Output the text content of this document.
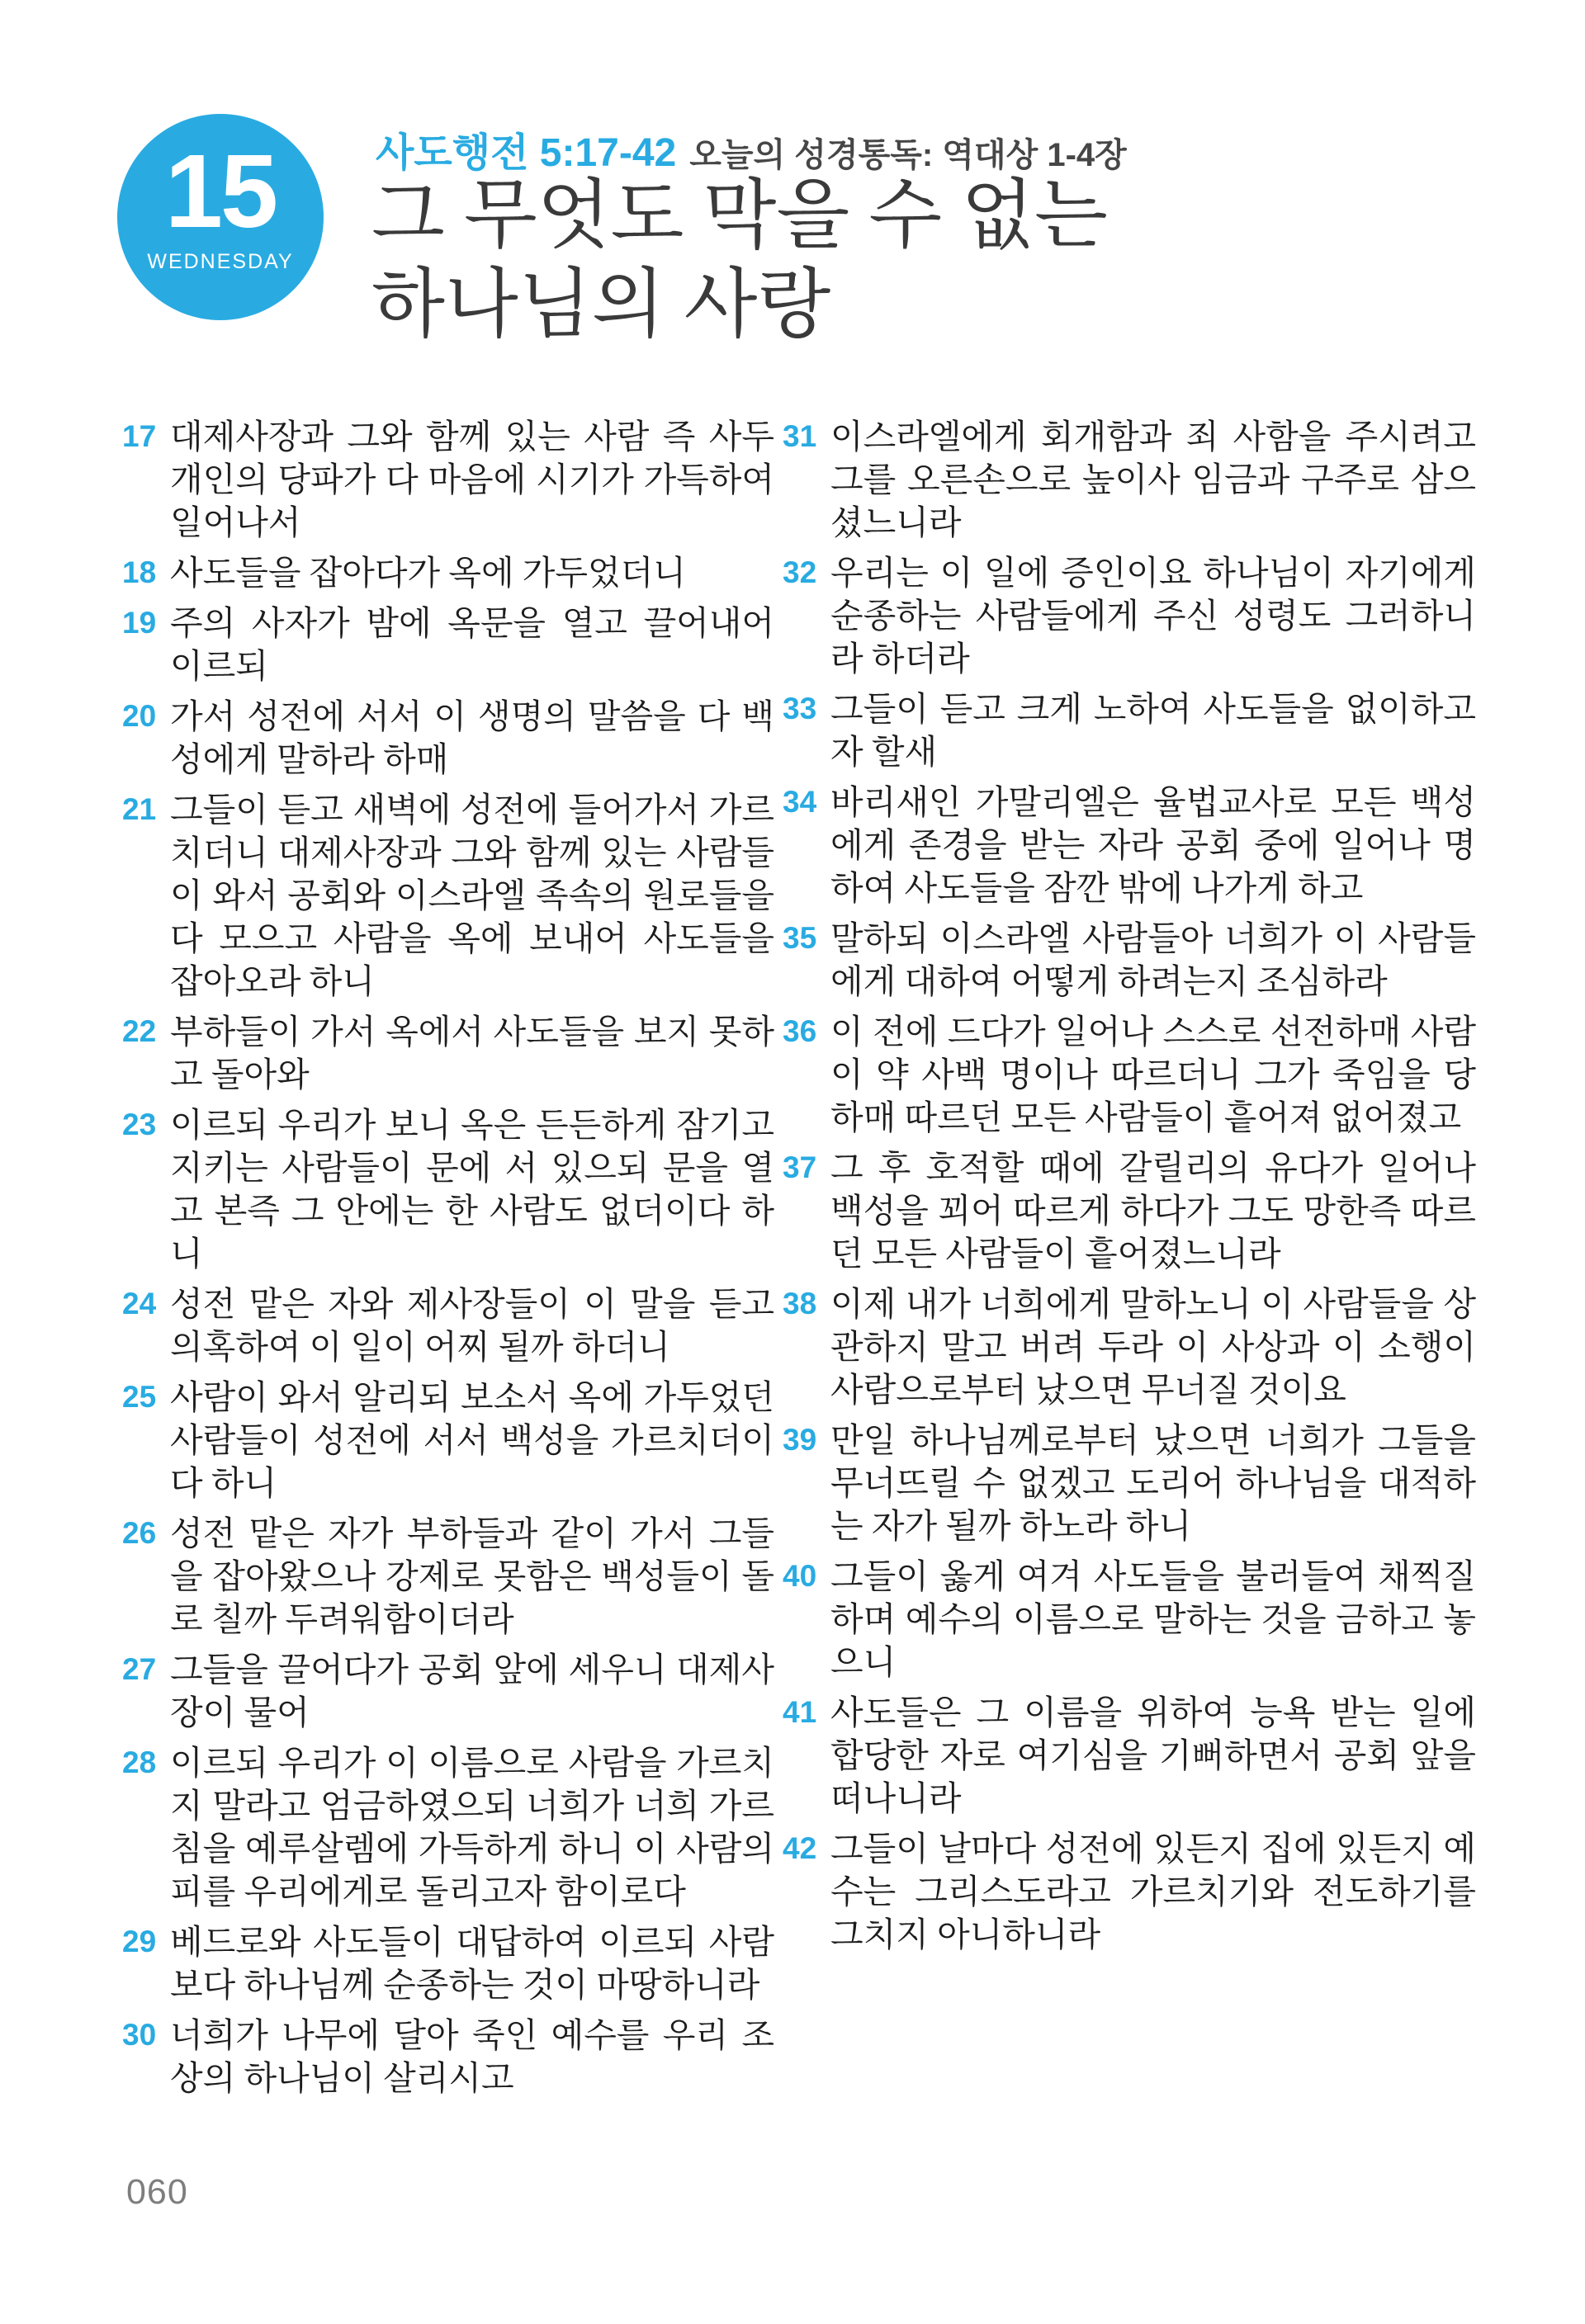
15
WEDNESDAY
사도행전 5:17-42 오늘의 성경통독: 역대상 1-4장
그 무엇도 막을 수 없는
하나님의 사랑
17 대제사장과 그와 함께 있는 사람 즉 사두개인의 당파가 다 마음에 시기가 가득하여 일어나서
18 사도들을 잡아다가 옥에 가두었더니
19 주의 사자가 밤에 옥문을 열고 끌어내어 이르되
20 가서 성전에 서서 이 생명의 말씀을 다 백성에게 말하라 하매
21 그들이 듣고 새벽에 성전에 들어가서 가르치더니 대제사장과 그와 함께 있는 사람들이 와서 공회와 이스라엘 족속의 원로들을 다 모으고 사람을 옥에 보내어 사도들을 잡아오라 하니
22 부하들이 가서 옥에서 사도들을 보지 못하고 돌아와
23 이르되 우리가 보니 옥은 든든하게 잠기고 지키는 사람들이 문에 서 있으되 문을 열고 본즉 그 안에는 한 사람도 없더이다 하니
24 성전 맡은 자와 제사장들이 이 말을 듣고 의혹하여 이 일이 어찌 될까 하더니
25 사람이 와서 알리되 보소서 옥에 가두었던 사람들이 성전에 서서 백성을 가르치더이다 하니
26 성전 맡은 자가 부하들과 같이 가서 그들을 잡아왔으나 강제로 못함은 백성들이 돌로 칠까 두려워함이더라
27 그들을 끌어다가 공회 앞에 세우니 대제사장이 물어
28 이르되 우리가 이 이름으로 사람을 가르치지 말라고 엄금하였으되 너희가 너희 가르침을 예루살렘에 가득하게 하니 이 사람의 피를 우리에게로 돌리고자 함이로다
29 베드로와 사도들이 대답하여 이르되 사람보다 하나님께 순종하는 것이 마땅하니라
30 너희가 나무에 달아 죽인 예수를 우리 조상의 하나님이 살리시고
31 이스라엘에게 회개함과 죄 사함을 주시려고 그를 오른손으로 높이사 임금과 구주로 삼으셨느니라
32 우리는 이 일에 증인이요 하나님이 자기에게 순종하는 사람들에게 주신 성령도 그러하니라 하더라
33 그들이 듣고 크게 노하여 사도들을 없이하고자 할새
34 바리새인 가말리엘은 율법교사로 모든 백성에게 존경을 받는 자라 공회 중에 일어나 명하여 사도들을 잠깐 밖에 나가게 하고
35 말하되 이스라엘 사람들아 너희가 이 사람들에게 대하여 어떻게 하려는지 조심하라
36 이 전에 드다가 일어나 스스로 선전하매 사람이 약 사백 명이나 따르더니 그가 죽임을 당하매 따르던 모든 사람들이 흩어져 없어졌고
37 그 후 호적할 때에 갈릴리의 유다가 일어나 백성을 꾀어 따르게 하다가 그도 망한즉 따르던 모든 사람들이 흩어졌느니라
38 이제 내가 너희에게 말하노니 이 사람들을 상관하지 말고 버려 두라 이 사상과 이 소행이 사람으로부터 났으면 무너질 것이요
39 만일 하나님께로부터 났으면 너희가 그들을 무너뜨릴 수 없겠고 도리어 하나님을 대적하는 자가 될까 하노라 하니
40 그들이 옳게 여겨 사도들을 불러들여 채찍질하며 예수의 이름으로 말하는 것을 금하고 놓으니
41 사도들은 그 이름을 위하여 능욕 받는 일에 합당한 자로 여기심을 기뻐하면서 공회 앞을 떠나니라
42 그들이 날마다 성전에 있든지 집에 있든지 예수는 그리스도라고 가르치기와 전도하기를 그치지 아니하니라
060
